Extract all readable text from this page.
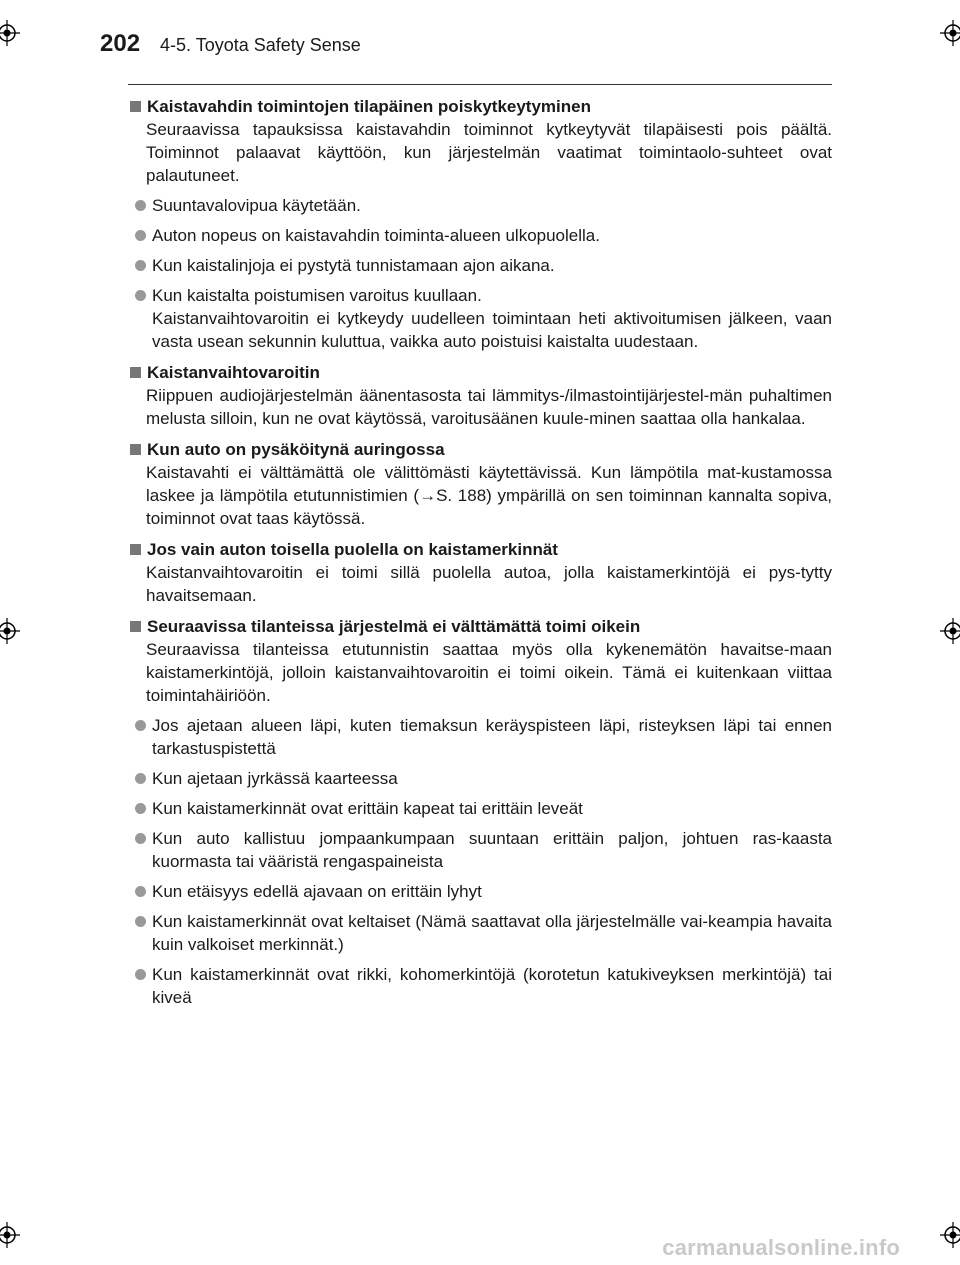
202 4-5. Toyota Safety Sense
Kaistavahdin toimintojen tilapäinen poiskytkeytyminen
Seuraavissa tapauksissa kaistavahdin toiminnot kytkeytyvät tilapäisesti pois päältä. Toiminnot palaavat käyttöön, kun järjestelmän vaatimat toimintaolo-suhteet ovat palautuneet.
Suuntavalovipua käytetään.
Auton nopeus on kaistavahdin toiminta-alueen ulkopuolella.
Kun kaistalinjoja ei pystytä tunnistamaan ajon aikana.
Kun kaistalta poistumisen varoitus kuullaan.
Kaistanvaihtovaroitin ei kytkeydy uudelleen toimintaan heti aktivoitumisen jälkeen, vaan vasta usean sekunnin kuluttua, vaikka auto poistuisi kaistalta uudestaan.
Kaistanvaihtovaroitin
Riippuen audiojärjestelmän äänentasosta tai lämmitys-/ilmastointijärjestel-män puhaltimen melusta silloin, kun ne ovat käytössä, varoitusäänen kuule-minen saattaa olla hankalaa.
Kun auto on pysäköitynä auringossa
Kaistavahti ei välttämättä ole välittömästi käytettävissä. Kun lämpötila mat-kustamossa laskee ja lämpötila etutunnistimien (→S. 188) ympärillä on sen toiminnan kannalta sopiva, toiminnot ovat taas käytössä.
Jos vain auton toisella puolella on kaistamerkinnät
Kaistanvaihtovaroitin ei toimi sillä puolella autoa, jolla kaistamerkintöjä ei pys-tytty havaitsemaan.
Seuraavissa tilanteissa järjestelmä ei välttämättä toimi oikein
Seuraavissa tilanteissa etutunnistin saattaa myös olla kykenemätön havaitse-maan kaistamerkintöjä, jolloin kaistanvaihtovaroitin ei toimi oikein. Tämä ei kuitenkaan viittaa toimintahäiriöön.
Jos ajetaan alueen läpi, kuten tiemaksun keräyspisteen läpi, risteyksen läpi tai ennen tarkastuspistettä
Kun ajetaan jyrkässä kaarteessa
Kun kaistamerkinnät ovat erittäin kapeat tai erittäin leveät
Kun auto kallistuu jompaankumpaan suuntaan erittäin paljon, johtuen ras-kaasta kuormasta tai vääristä rengaspaineista
Kun etäisyys edellä ajavaan on erittäin lyhyt
Kun kaistamerkinnät ovat keltaiset (Nämä saattavat olla järjestelmälle vai-keampia havaita kuin valkoiset merkinnät.)
Kun kaistamerkinnät ovat rikki, kohomerkintöjä (korotetun katukiveyksen merkintöjä) tai kiveä
carmanualsonline.info
